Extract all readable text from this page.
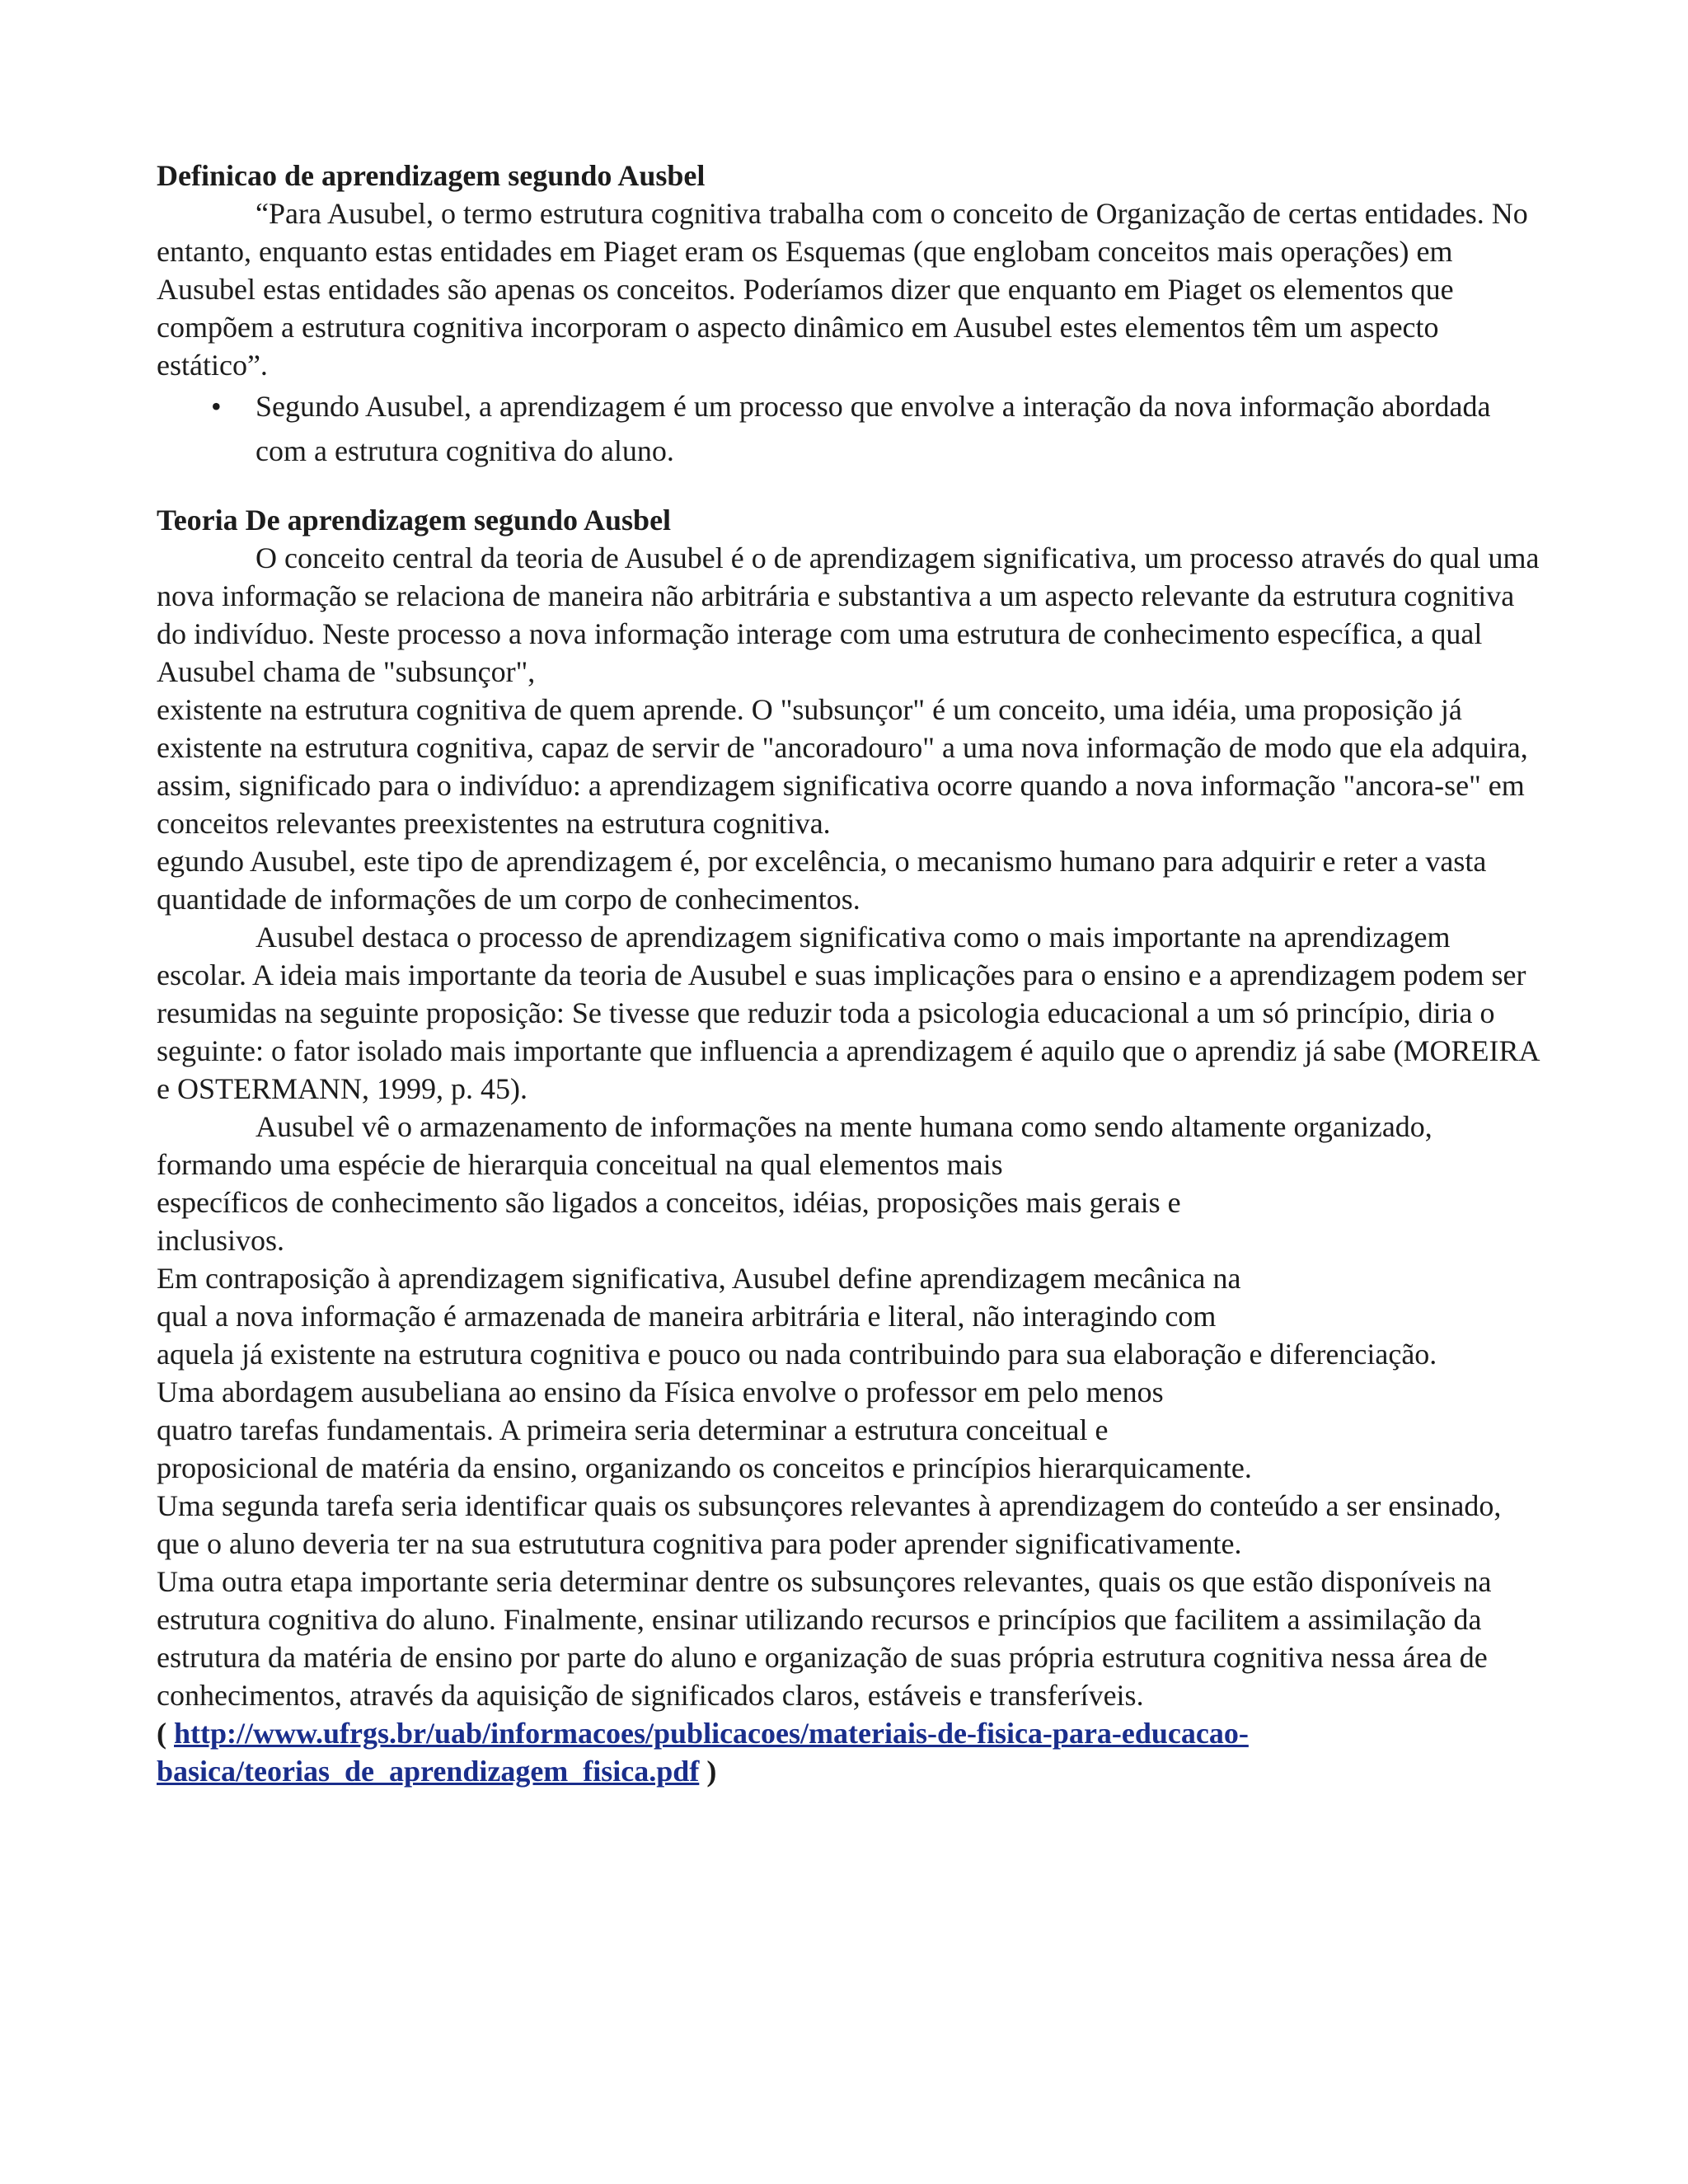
Definicao de aprendizagem segundo Ausbel

“Para Ausubel, o termo estrutura cognitiva trabalha com o conceito de Organização de certas entidades. No entanto, enquanto estas entidades em Piaget eram os Esquemas (que englobam conceitos mais operações) em Ausubel estas entidades são apenas os conceitos. Poderíamos dizer que enquanto em Piaget os elementos que compõem a estrutura cognitiva incorporam o aspecto dinâmico em Ausubel estes elementos têm um aspecto estático”.

• Segundo Ausubel, a aprendizagem é um processo que envolve a interação da nova informação abordada com a estrutura cognitiva do aluno.

Teoria De aprendizagem segundo Ausbel

O conceito central da teoria de Ausubel é o de aprendizagem significativa, um processo através do qual uma nova informação se relaciona de maneira não arbitrária e substantiva a um aspecto relevante da estrutura cognitiva do indivíduo. Neste processo a nova informação interage com uma estrutura de conhecimento específica, a qual Ausubel chama de "subsunçor",

existente na estrutura cognitiva de quem aprende. O "subsunçor" é um conceito, uma idéia, uma proposição já existente na estrutura cognitiva, capaz de servir de "ancoradouro" a uma nova informação de modo que ela adquira, assim, significado para o indivíduo: a aprendizagem significativa ocorre quando a nova informação "ancora-se" em conceitos relevantes preexistentes na estrutura cognitiva.

egundo Ausubel, este tipo de aprendizagem é, por excelência, o mecanismo humano para adquirir e reter a vasta quantidade de informações de um corpo de conhecimentos.

Ausubel destaca o processo de aprendizagem significativa como o mais importante na aprendizagem escolar. A ideia mais importante da teoria de Ausubel e suas implicações para o ensino e a aprendizagem podem ser resumidas na seguinte proposição: Se tivesse que reduzir toda a psicologia educacional a um só princípio, diria o seguinte: o fator isolado mais importante que influencia a aprendizagem é aquilo que o aprendiz já sabe (MOREIRA e OSTERMANN, 1999, p. 45).

Ausubel vê o armazenamento de informações na mente humana como sendo altamente organizado, formando uma espécie de hierarquia conceitual na qual elementos mais

específicos de conhecimento são ligados a conceitos, idéias, proposições mais gerais e

inclusivos.

Em contraposição à aprendizagem significativa, Ausubel define aprendizagem mecânica na

qual a nova informação é armazenada de maneira arbitrária e literal, não interagindo com

aquela já existente na estrutura cognitiva e pouco ou nada contribuindo para sua elaboração e diferenciação.

Uma abordagem ausubeliana ao ensino da Física envolve o professor em pelo menos

quatro tarefas fundamentais. A primeira seria determinar a estrutura conceitual e

proposicional de matéria da ensino, organizando os conceitos e princípios hierarquicamente.

Uma segunda tarefa seria identificar quais os subsunçores relevantes à aprendizagem do conteúdo a ser ensinado, que o aluno deveria ter na sua estrututura cognitiva para poder aprender significativamente.

Uma outra etapa importante seria determinar dentre os subsunçores relevantes, quais os que estão disponíveis na estrutura cognitiva do aluno. Finalmente, ensinar utilizando recursos e princípios que facilitem a assimilação da estrutura da matéria de ensino por parte do aluno e organização de suas própria estrutura cognitiva nessa área de conhecimentos, através da aquisição de significados claros, estáveis e transferíveis.

( http://www.ufrgs.br/uab/informacoes/publicacoes/materiais-de-fisica-para-educacao-
basica/teorias_de_aprendizagem_fisica.pdf )
